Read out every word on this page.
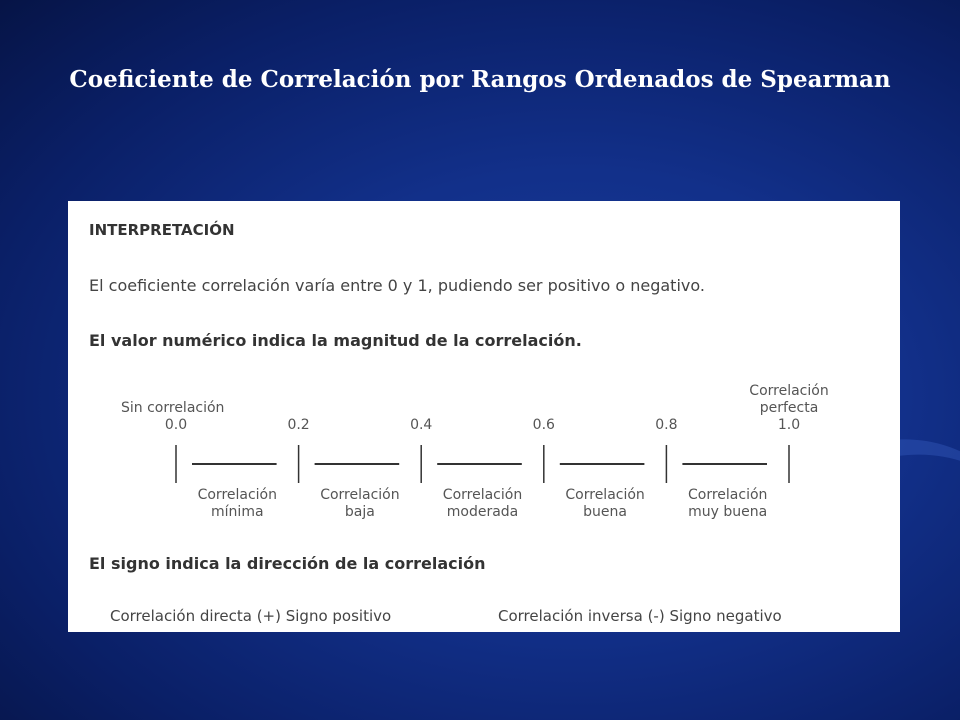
Coeficiente de Correlación por Rangos Ordenados de Spearman
INTERPRETACIÓN
El coeficiente correlación varía entre 0 y 1, pudiendo ser positivo o negativo.
El valor numérico indica la magnitud de la correlación.
0.0
Sin correlación
0.2	0.4	0.6	0.8	1.0
Correlación
perfecta
Correlación
mínima
Correlación
baja
Correlación
moderada
Correlación
buena
Correlación
muy buena
El signo indica la dirección de la correlación
Correlación directa (+) Signo positivo	Correlación inversa (-) Signo negativo
